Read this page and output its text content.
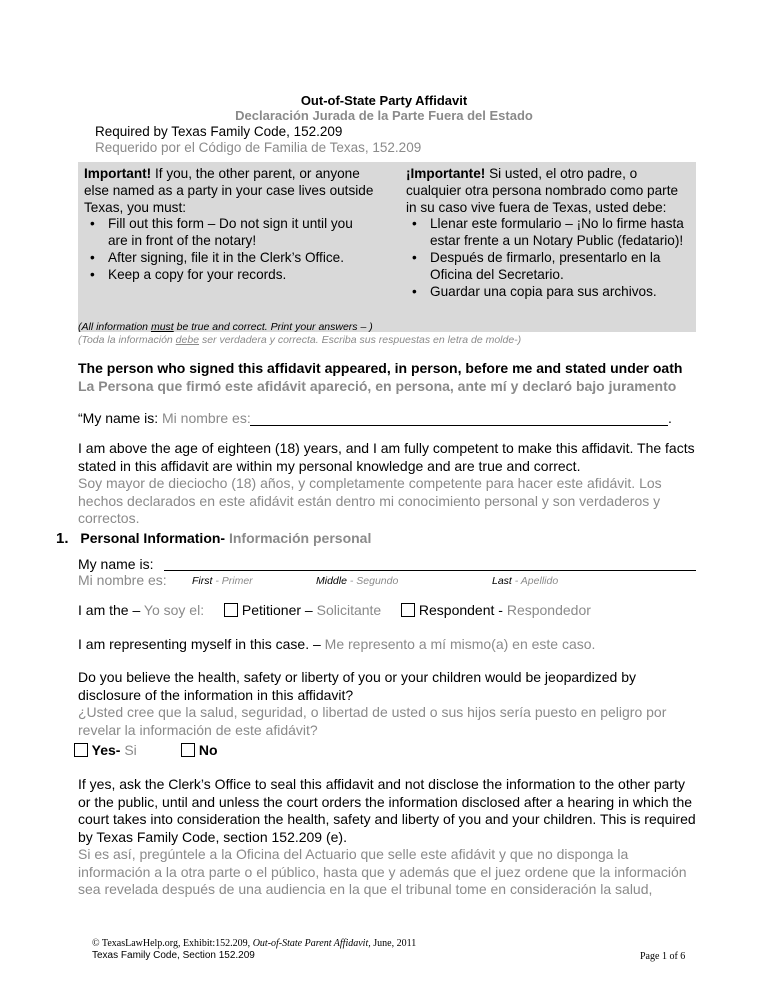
Out-of-State Party Affidavit
Declaración Jurada de la Parte Fuera del Estado
Required by Texas Family Code, 152.209
Requerido por el Código de Familia de Texas, 152.209
Important! If you, the other parent, or anyone else named as a party in your case lives outside Texas, you must:
• Fill out this form – Do not sign it until you are in front of the notary!
• After signing, file it in the Clerk’s Office.
• Keep a copy for your records.
¡Importante! Si usted, el otro padre, o cualquier otra persona nombrado como parte in su caso vive fuera de Texas, usted debe:
• Llenar este formulario – ¡No lo firme hasta estar frente a un Notary Public (fedatario)!
• Después de firmarlo, presentarlo en la Oficina del Secretario.
• Guardar una copia para sus archivos.
(All information must be true and correct. Print your answers – )
(Toda la información debe ser verdadera y correcta. Escriba sus respuestas en letra de molde-)
The person who signed this affidavit appeared, in person, before me and stated under oath
La Persona que firmó este afidávit apareció, en persona, ante mí y declaró bajo juramento
“My name is: Mi nombre es:	.
I am above the age of eighteen (18) years, and I am fully competent to make this affidavit. The facts stated in this affidavit are within my personal knowledge and are true and correct.
Soy mayor de dieciocho (18) años, y completamente competente para hacer este afidávit. Los hechos declarados en este afidávit están dentro mi conocimiento personal y son verdaderos y correctos.
1. Personal Information- Información personal
My name is:
Mi nombre es: First - Primer	Middle - Segundo	Last - Apellido
I am the – Yo soy el:	Petitioner – Solicitante	Respondent - Respondedor
I am representing myself in this case. – Me represento a mí mismo(a) en este caso.
Do you believe the health, safety or liberty of you or your children would be jeopardized by disclosure of the information in this affidavit?
¿Usted cree que la salud, seguridad, o libertad de usted o sus hijos sería puesto en peligro por revelar la información de este afidávit?
Yes- Si	No
If yes, ask the Clerk’s Office to seal this affidavit and not disclose the information to the other party or the public, until and unless the court orders the information disclosed after a hearing in which the court takes into consideration the health, safety and liberty of you and your children. This is required by Texas Family Code, section 152.209 (e).
Si es así, pregúntele a la Oficina del Actuario que selle este afidávit y que no disponga la información a la otra parte o el público, hasta que y además que el juez ordene que la información sea revelada después de una audiencia en la que el tribunal tome en consideración la salud,
© TexasLawHelp.org, Exhibit:152.209, Out-of-State Parent Affidavit, June, 2011
Texas Family Code, Section 152.209	Page 1 of 6
